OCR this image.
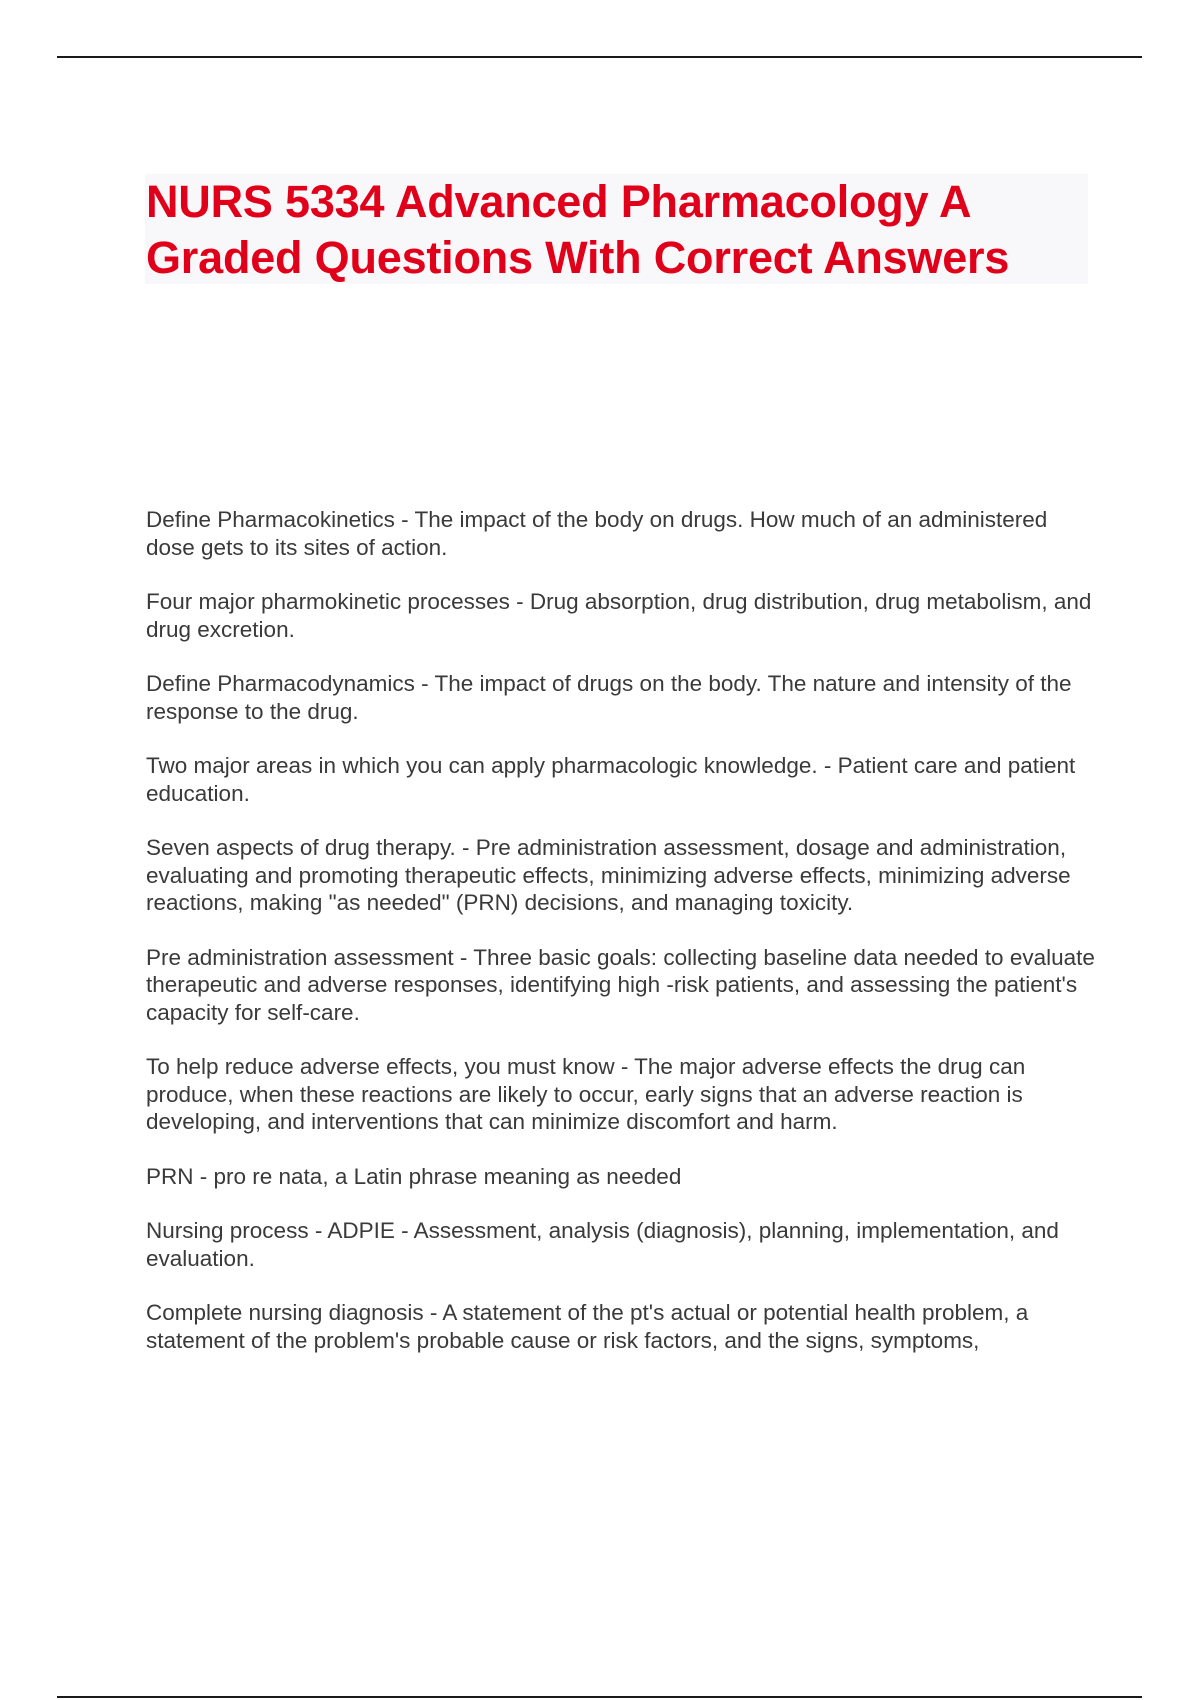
NURS 5334 Advanced Pharmacology A
Graded Questions With Correct Answers

Define Pharmacokinetics - The impact of the body on drugs. How much of an administered dose gets to its sites of action.

Four major pharmokinetic processes - Drug absorption, drug distribution, drug metabolism, and drug excretion.

Define Pharmacodynamics - The impact of drugs on the body. The nature and intensity of the response to the drug.

Two major areas in which you can apply pharmacologic knowledge. - Patient care and patient education.

Seven aspects of drug therapy. - Pre administration assessment, dosage and administration, evaluating and promoting therapeutic effects, minimizing adverse effects, minimizing adverse reactions, making "as needed" (PRN) decisions, and managing toxicity.

Pre administration assessment - Three basic goals: collecting baseline data needed to evaluate therapeutic and adverse responses, identifying high -risk patients, and assessing the patient's capacity for self-care.

To help reduce adverse effects, you must know - The major adverse effects the drug can produce, when these reactions are likely to occur, early signs that an adverse reaction is developing, and interventions that can minimize discomfort and harm.

PRN - pro re nata, a Latin phrase meaning as needed

Nursing process - ADPIE - Assessment, analysis (diagnosis), planning, implementation, and evaluation.

Complete nursing diagnosis - A statement of the pt's actual or potential health problem, a statement of the problem's probable cause or risk factors, and the signs, symptoms,
